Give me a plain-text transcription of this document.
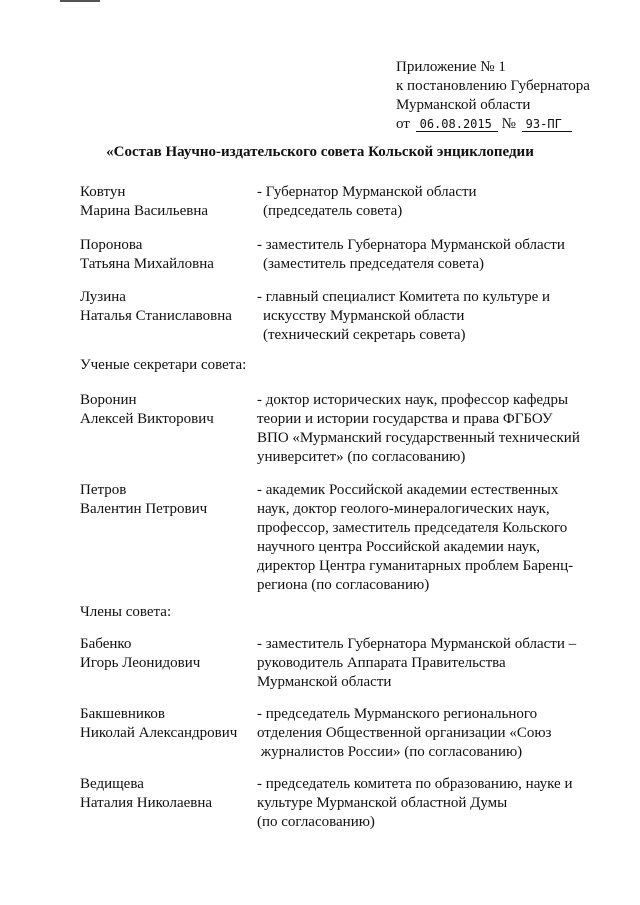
Приложение № 1
к постановлению Губернатора
Мурманской области
от 06.08.2015 № 93-ПГ
«Состав Научно-издательского совета Кольской энциклопедии
Ковтун
Марина Васильевна
- Губернатор Мурманской области
(председатель совета)
Поронова
Татьяна Михайловна
- заместитель Губернатора Мурманской области
(заместитель председателя совета)
Лузина
Наталья Станиславовна
- главный специалист Комитета по культуре и
искусству Мурманской области
(технический секретарь совета)
Ученые секретари совета:
Воронин
Алексей Викторович
- доктор исторических наук, профессор кафедры
теории и истории государства и права ФГБОУ
ВПО «Мурманский государственный технический
университет» (по согласованию)
Петров
Валентин Петрович
- академик Российской академии естественных
наук, доктор геолого-минералогических наук,
профессор, заместитель председателя Кольского
научного центра Российской академии наук,
директор Центра гуманитарных проблем Баренц-
региона (по согласованию)
Члены совета:
Бабенко
Игорь Леонидович
- заместитель Губернатора Мурманской области –
руководитель Аппарата Правительства
Мурманской области
Бакшевников
Николай Александрович
- председатель Мурманского регионального
отделения Общественной организации «Союз
журналистов России» (по согласованию)
Ведищева
Наталия Николаевна
- председатель комитета по образованию, науке и
культуре Мурманской областной Думы
(по согласованию)
